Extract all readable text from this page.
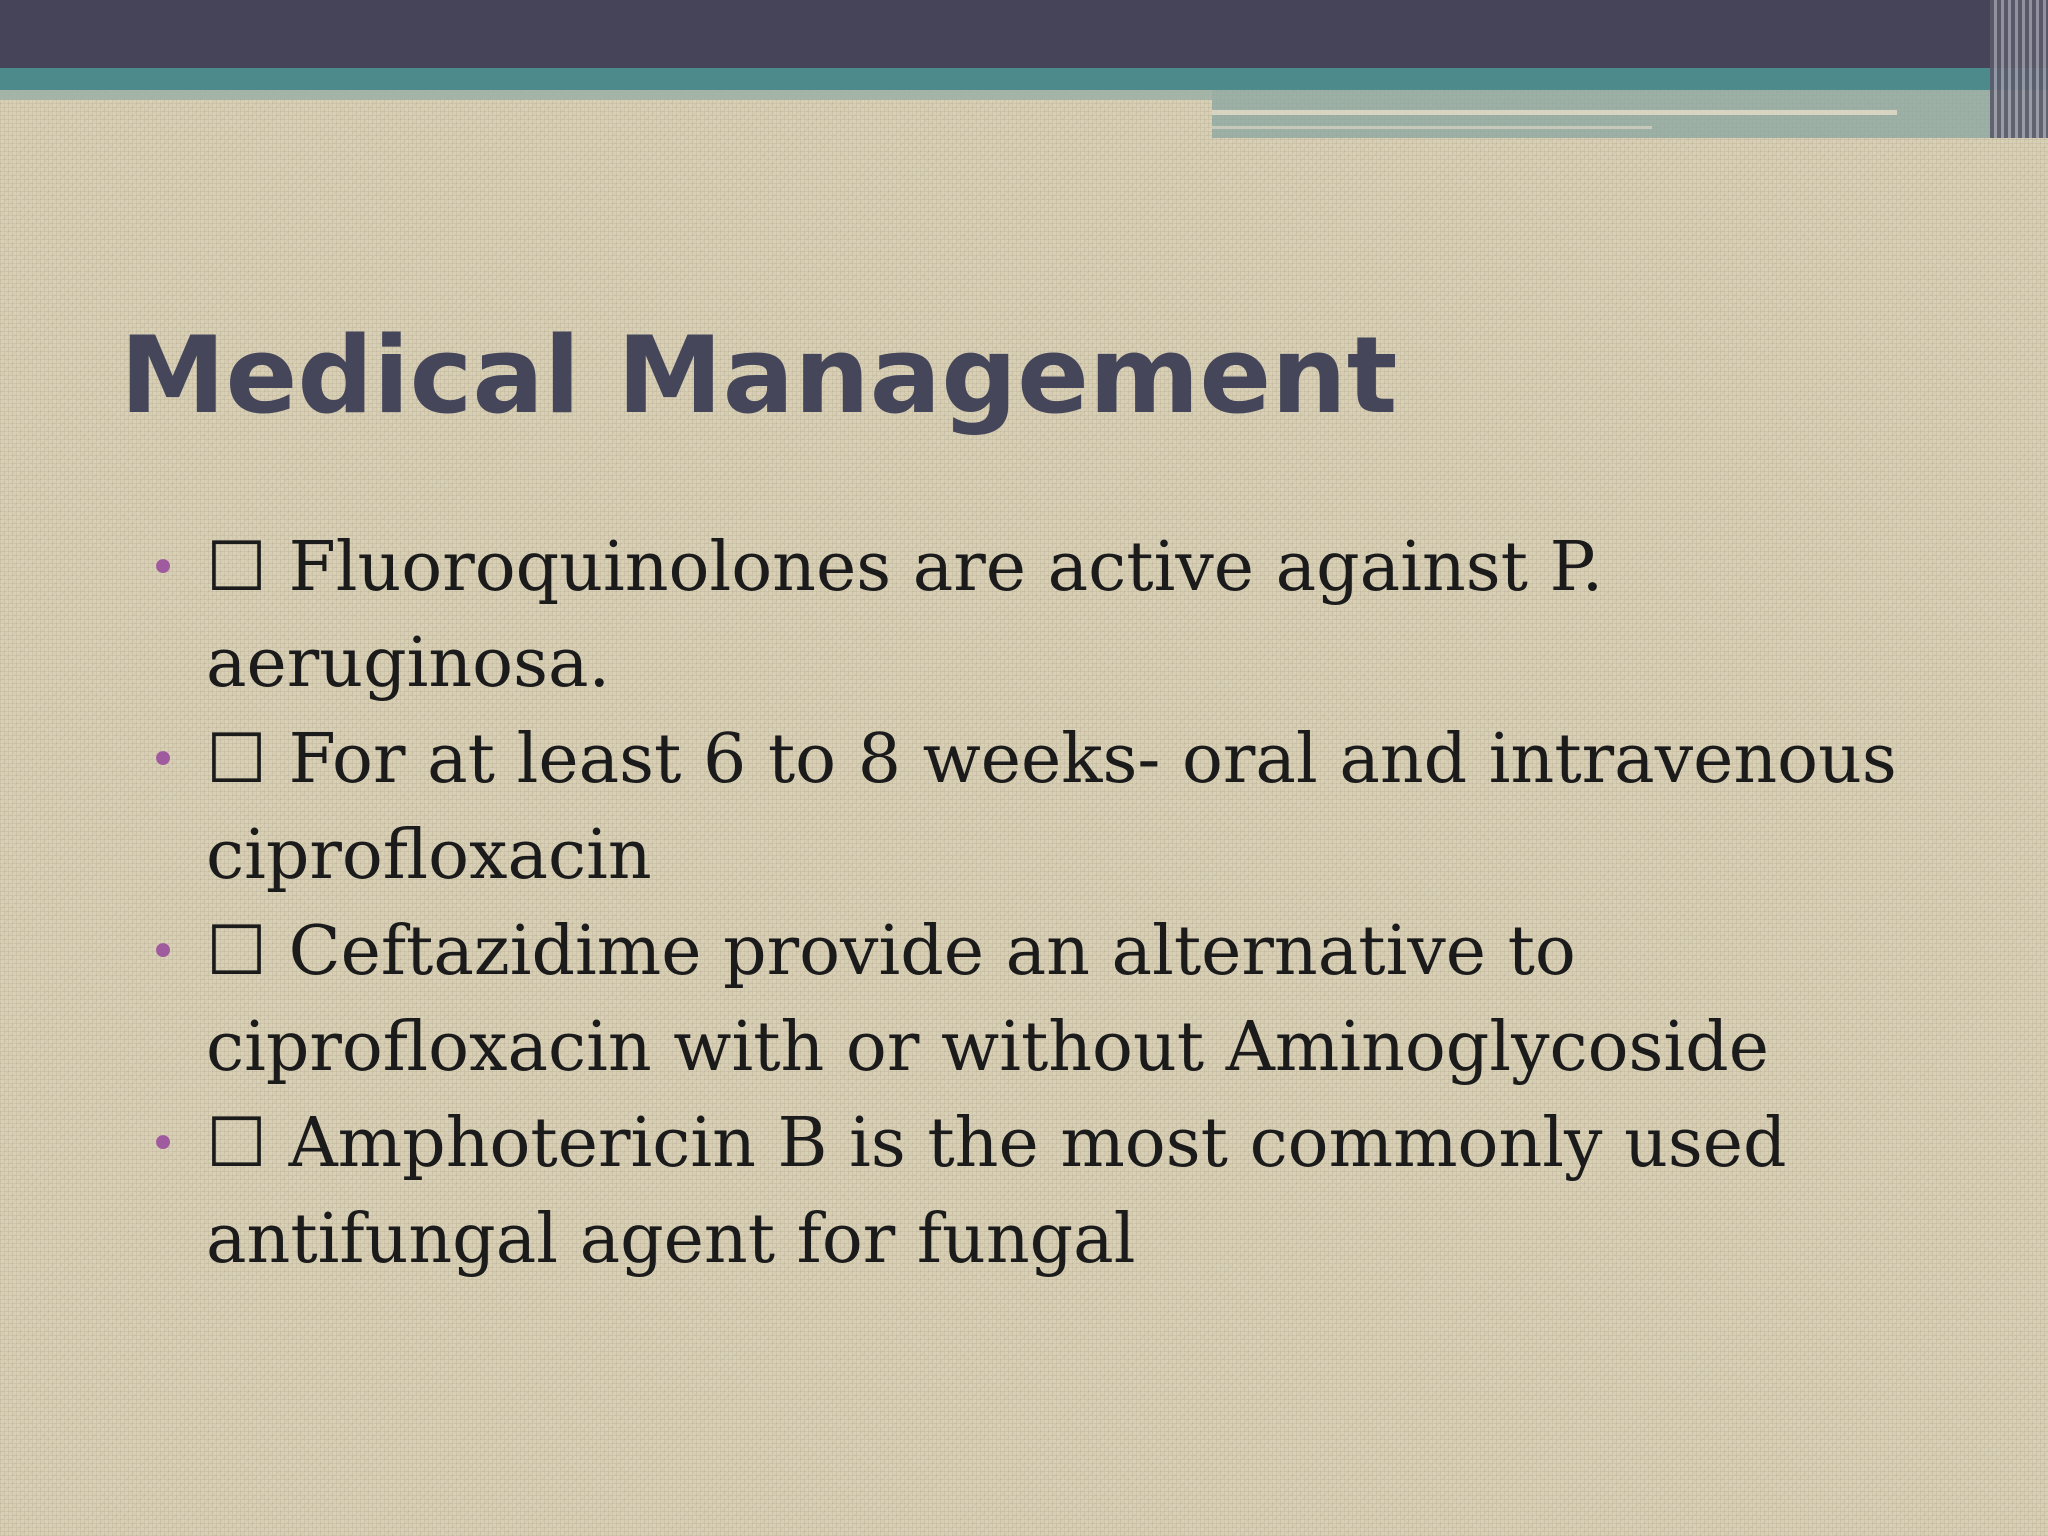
Medical Management
• ☐ Fluoroquinolones are active against P. aeruginosa.
• ☐ For at least 6 to 8 weeks- oral and intravenous ciprofloxacin
• ☐ Ceftazidime provide an alternative to ciprofloxacin with or without Aminoglycoside
• ☐ Amphotericin B is the most commonly used antifungal agent for fungal
